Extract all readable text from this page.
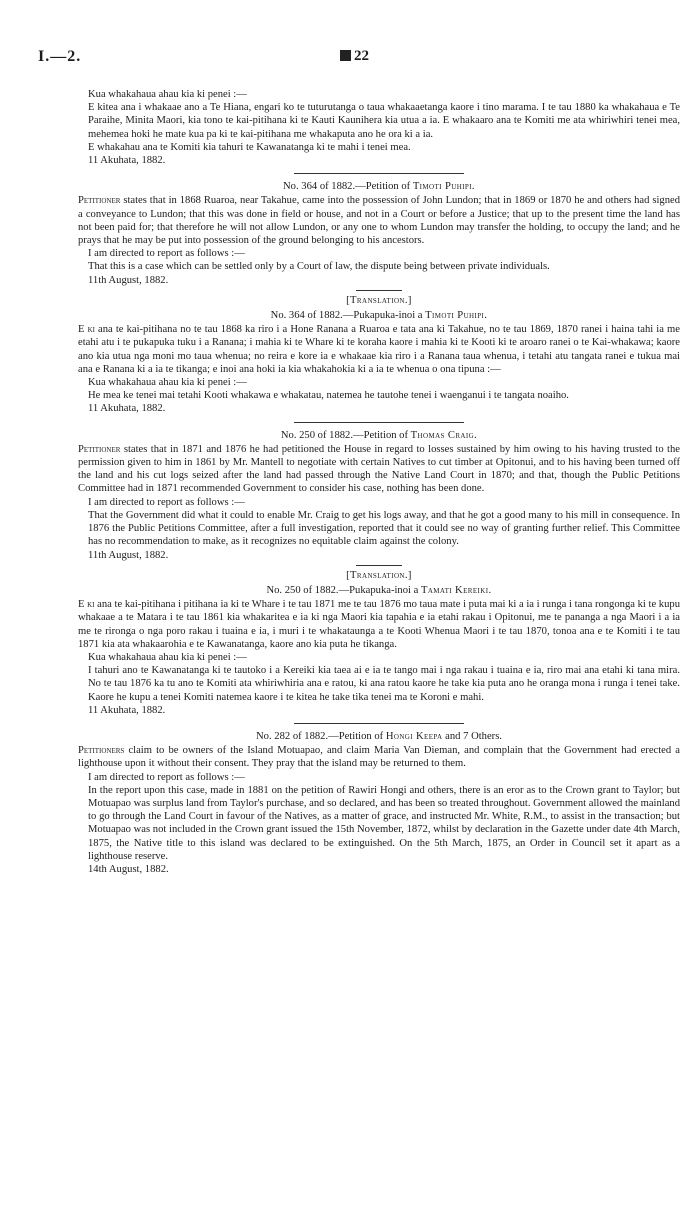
I.—2.	22

Kua whakahaua ahau kia ki penei :—

E kitea ana i whakaae ano a Te Hiana, engari ko te tuturutanga o taua whakaaetanga kaore i tino marama. I te tau 1880 ka whakahaua e Te Paraihe, Minita Maori, kia tono te kai-pitihana ki te Kauti Kaunihera kia utua a ia. E whakaaro ana te Komiti me ata whiriwhiri tenei mea, mehemea hoki he mate kua pa ki te kai-pitihana me whakaputa ano he ora ki a ia.

E whakahau ana te Komiti kia tahuri te Kawanatanga ki te mahi i tenei mea.

11 Akuhata, 1882.

No. 364 of 1882.—Petition of Timoti Puhipi.

Petitioner states that in 1868 Ruaroa, near Takahue, came into the possession of John Lundon; that in 1869 or 1870 he and others had signed a conveyance to Lundon; that this was done in field or house, and not in a Court or before a Justice; that up to the present time the land has not been paid for; that therefore he will not allow Lundon, or any one to whom Lundon may transfer the holding, to occupy the land; and he prays that he may be put into possession of the ground belonging to his ancestors.

I am directed to report as follows :—

That this is a case which can be settled only by a Court of law, the dispute being between private individuals.

11th August, 1882.

[Translation.]

No. 364 of 1882.—Pukapuka-inoi a Timoti Puhipi.

E ki ana te kai-pitihana no te tau 1868 ka riro i a Hone Ranana a Ruaroa e tata ana ki Takahue, no te tau 1869, 1870 ranei i haina tahi ia me etahi atu i te pukapuka tuku i a Ranana; i mahia ki te Whare ki te koraha kaore i mahia ki te Kooti ki te aroaro ranei o te Kai-whakawa; kaore ano kia utua nga moni mo taua whenua; no reira e kore ia e whakaae kia riro i a Ranana taua whenua, i tetahi atu tangata ranei e tukua mai ana e Ranana ki a ia te tikanga; e inoi ana hoki ia kia whakahokia ki a ia te whenua o ona tipuna :—

Kua whakahaua ahau kia ki penei :—

He mea ke tenei mai tetahi Kooti whakawa e whakatau, natemea he tautohe tenei i waenganui i te tangata noaiho.

11 Akuhata, 1882.

No. 250 of 1882.—Petition of Thomas Craig.

Petitioner states that in 1871 and 1876 he had petitioned the House in regard to losses sustained by him owing to his having trusted to the permission given to him in 1861 by Mr. Mantell to negotiate with certain Natives to cut timber at Opitonui, and to his having been turned off the land and his cut logs seized after the land had passed through the Native Land Court in 1870; and that, though the Public Petitions Committee had in 1871 recommended Government to consider his case, nothing has been done.

I am directed to report as follows :—

That the Government did what it could to enable Mr. Craig to get his logs away, and that he got a good many to his mill in consequence. In 1876 the Public Petitions Committee, after a full investigation, reported that it could see no way of granting further relief. This Committee has no recommendation to make, as it recognizes no equitable claim against the colony.

11th August, 1882.

[Translation.]

No. 250 of 1882.—Pukapuka-inoi a Tamati Kereiki.

E ki ana te kai-pitihana i pitihana ia ki te Whare i te tau 1871 me te tau 1876 mo taua mate i puta mai ki a ia i runga i tana rongonga ki te kupu whakaae a te Matara i te tau 1861 kia whakaritea e ia ki nga Maori kia tapahia e ia etahi rakau i Opitonui, me te pananga a nga Maori i a ia me te rironga o nga poro rakau i tuaina e ia, i muri i te whakataunga a te Kooti Whenua Maori i te tau 1870, tonoa ana e te Komiti i te tau 1871 kia ata whakaarohia e te Kawanatanga, kaore ano kia puta he tikanga.

Kua whakahaua ahau kia ki penei :—

I tahuri ano te Kawanatanga ki te tautoko i a Kereiki kia taea ai e ia te tango mai i nga rakau i tuaina e ia, riro mai ana etahi ki tana mira. No te tau 1876 ka tu ano te Komiti ata whiriwhiria ana e ratou, ki ana ratou kaore he take kia puta ano he oranga mona i runga i tenei take. Kaore he kupu a tenei Komiti natemea kaore i te kitea he take tika tenei ma te Koroni e mahi.

11 Akuhata, 1882.

No. 282 of 1882.—Petition of Hongi Keepa and 7 Others.

Petitioners claim to be owners of the Island Motuapao, and claim Maria Van Dieman, and complain that the Government had erected a lighthouse upon it without their consent. They pray that the island may be returned to them.

I am directed to report as follows :—

In the report upon this case, made in 1881 on the petition of Rawiri Hongi and others, there is an eror as to the Crown grant to Taylor; but Motuapao was surplus land from Taylor's purchase, and so declared, and has been so treated throughout. Government allowed the mainland to go through the Land Court in favour of the Natives, as a matter of grace, and instructed Mr. White, R.M., to assist in the transaction; but Motuapao was not included in the Crown grant issued the 15th November, 1872, whilst by declaration in the Gazette under date 4th March, 1875, the Native title to this island was declared to be extinguished. On the 5th March, 1875, an Order in Council set it apart as a lighthouse reserve.

14th August, 1882.
